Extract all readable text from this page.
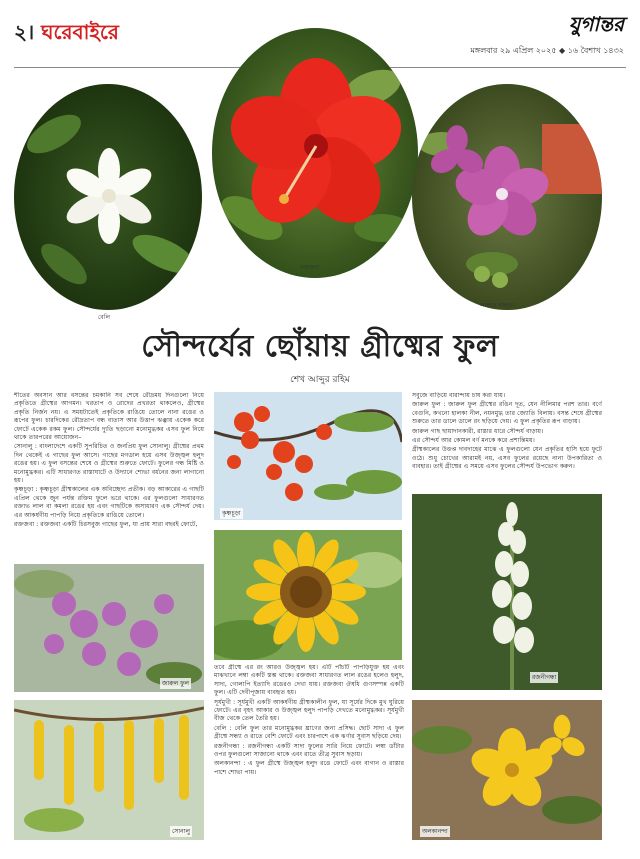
২। ঘরেবাইরে	যুগান্তর
মঙ্গলবার ২৯ এপ্রিল ২০২৫ ◆ ১৬ বৈশাখ ১৪৩২
বেলি
রক্তজবা
লালচে মালভা
সৌন্দর্যের ছোঁয়ায় গ্রীষ্মের ফুল
শেখ আব্দুর রহিম

শীতের অবসান আর বসন্তের চমকানি সব শেষে রৌদ্রময় দিনগুলো নিয়ে প্রকৃতিতে গ্রীষ্মের আগমন। খরতাপ ও রোদের প্রখরতা থাকলেও, গ্রীষ্মের প্রকৃতি নির্জন নয়। এ সময়টাতেই প্রকৃতিকে রাঙিয়ে তোলে নানা রঙের ও রূপের ফুল। চারদিকের রৌদ্রতাপ বন্ধ বাতাস আর উত্তাপ ঝঞ্ঝায় একেক করে ফোটে একেক রকম ফুল। সৌন্দর্যের দ্যুতি ছড়ানো মনোমুগ্ধকর এসব ফুল নিয়ে থাকে তারপরের আয়োজন–

সোনালু : বাংলাদেশে একটি সুপরিচিত ও জনপ্রিয় ফুল সোনালু। গ্রীষ্মের প্রথম দিন থেকেই এ গাছের ফুল আসে। গাছের মগডাল হয়ে এসব উজ্জ্বল হলুদ রঙের হয়। এ ফুল বসন্তের শেষে ও গ্রীষ্মের শুরুতে ফোটে। ফুলের গন্ধ মিষ্টি ও মনোমুগ্ধকর। এটি সাধারণত রাস্তাঘাটে ও উদ্যানে শোভা বর্ধনের জন্য লাগানো হয়।

কৃষ্ণচূড়া : কৃষ্ণচূড়া গ্রীষ্মকালের এক অবিচ্ছেদ্য প্রতীক। বড় আকারের এ গাছটি এপ্রিল থেকে জুন পর্যন্ত রক্তিম ফুলে ভরে থাকে। এর ফুলগুলো সাধারণত রক্তাভ লাল বা কমলা রঙের হয় এবং গাছটিকে অসাধারণ এক সৌন্দর্য দেয়। এর আকর্ষণীয় পাপড়ি নিয়ে প্রকৃতিকে রাঙিয়ে তোলে।

রক্তজবা : রক্তজবা একটি চিরসবুজ গাছের ফুল, যা প্রায় সারা বছরই ফোটে,

কৃষ্ণচূড়া
জারুল ফুল
সোনালু

তবে গ্রীষ্মে এর রং আরও উজ্জ্বল হয়। এটি পাঁচটি পাপড়িযুক্ত হয় এবং মাঝখানে লম্বা একটি স্তম্ভ থাকে। রক্তজবা সাধারণত লাল রঙের হলেও হলুদ, সাদা, গোলাপি ইত্যাদি রঙেরও দেখা যায়। রক্তজবা ঔষধি গুণসম্পন্ন একটি ফুল। এটি দেবীপূজায় ব্যবহৃত হয়।

সূর্যমুখী : সূর্যমুখী একটি আকর্ষণীয় গ্রীষ্মকালীন ফুল, যা সূর্যের দিকে মুখ ঘুরিয়ে ফোটে। এর বৃহৎ আকার ও উজ্জ্বল হলুদ পাপড়ি দেখতে মনোমুগ্ধকর। সূর্যমুখী বীজ থেকে তেল তৈরি হয়।

বেলি : বেলি ফুল তার মনোমুগ্ধকর ঘ্রাণের জন্য প্রসিদ্ধ। ছোট সাদা এ ফুল গ্রীষ্মে সন্ধ্যা ও রাতে বেশি ফোটে এবং চারপাশে এক ঝর্ণার সুবাস ছড়িয়ে দেয়।

রজনীগন্ধা : রজনীগন্ধা একটি সাদা ফুলের সারি নিয়ে ফোটে। লম্বা ডাঁটার ওপর ফুলগুলো সাজানো থাকে এবং রাতে তীব্র সুবাস ছড়ায়।

অলকানন্দা : এ ফুল গ্রীষ্মে উজ্জ্বল হলুদ রঙে ফোটে এবং বাগান ও রাস্তার পাশে শোভা পায়।

সবুজে বাড়িয়ে বারান্দায় চাষ করা যায়।

জারুল ফুল : জারুল ফুল গ্রীষ্মের রঙিন দূত, যেন নীলিমার পরশ তার। বর্ণে বেগুনি, কখনো হালকা নীল, নয়নমুগ্ধ তার জ্যোতি বিলায়। বসন্ত শেষে গ্রীষ্মের শুরুতে তার ডালে ডালে রং ছড়িয়ে দেয়। এ ফুল প্রকৃতির রূপ বাড়ায়।

জারুল গাছ ছায়াদানকারী, রাস্তার ধারে সৌন্দর্য বাড়ায়।

এর সৌন্দর্য আর কোমল বর্ণ মনকে করে প্রশান্তিময়।

গ্রীষ্মকালের উত্তপ্ত দাবদাহের মাঝে এ ফুলগুলো যেন প্রকৃতির হাসি হয়ে ফুটে ওঠে। শুধু চোখের আরামই নয়, এসব ফুলের রয়েছে নানা উপকারিতা ও ব্যবহার। তাই গ্রীষ্মের এ সময়ে এসব ফুলের সৌন্দর্য উপভোগ করুন।

রজনীগন্ধা
অলকানন্দা
